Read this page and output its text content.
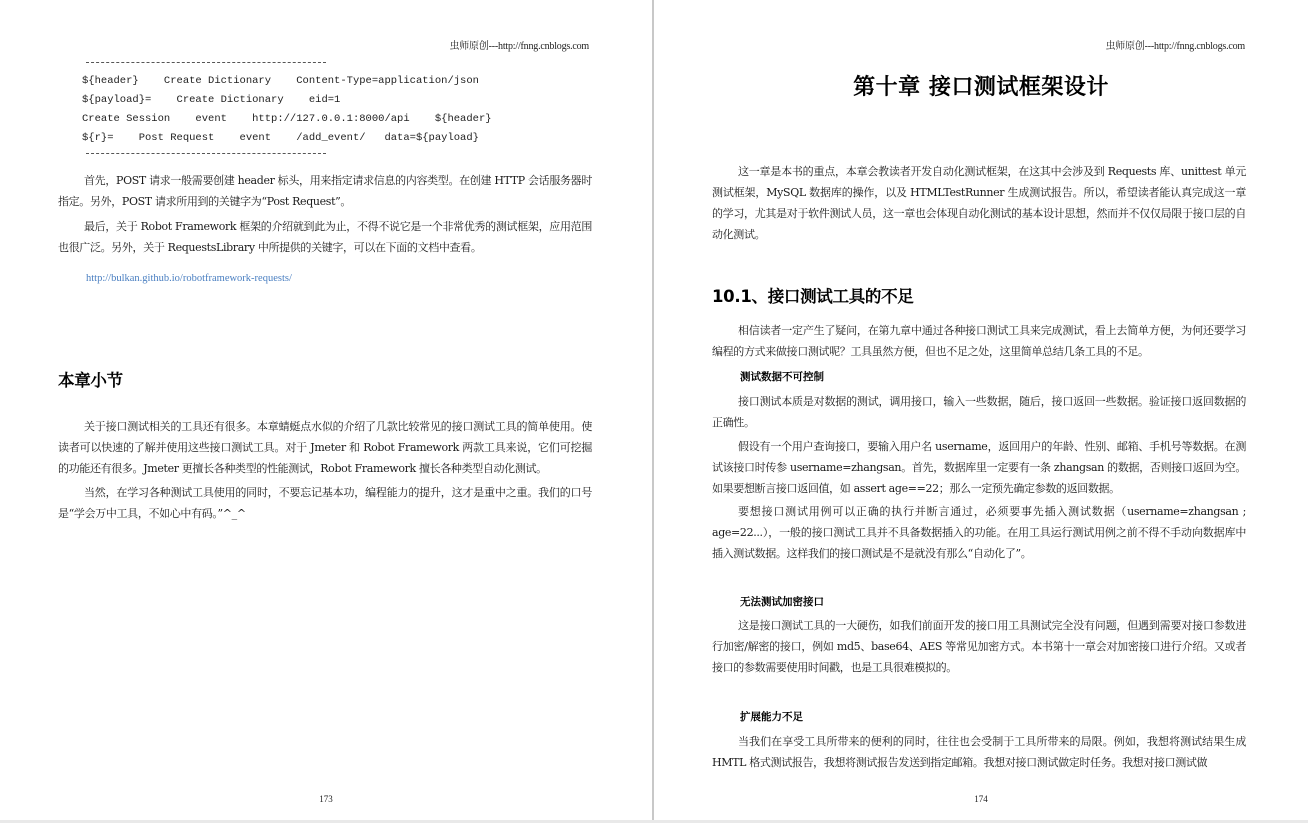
虫师原创---http://fnng.cnblogs.com
${header}    Create Dictionary    Content-Type=application/json
${payload}=    Create Dictionary    eid=1
Create Session    event    http://127.0.0.1:8000/api    ${header}
${r}=    Post Request    event    /add_event/   data=${payload}

首先，POST 请求一般需要创建 header 标头，用来指定请求信息的内容类型。在创建 HTTP 会话服务器时指定。另外，POST 请求所用到的关键字为“Post Request”。

最后，关于 Robot Framework 框架的介绍就到此为止，不得不说它是一个非常优秀的测试框架，应用范围也很广泛。另外，关于 RequestsLibrary 中所提供的关键字，可以在下面的文档中查看。

http://bulkan.github.io/robotframework-requests/
本章小节

关于接口测试相关的工具还有很多。本章蜻蜓点水似的介绍了几款比较常见的接口测试工具的简单使用。使读者可以快速的了解并使用这些接口测试工具。对于 Jmeter 和 Robot Framework 两款工具来说，它们可挖掘的功能还有很多。Jmeter 更擅长各种类型的性能测试，Robot Framework 擅长各种类型自动化测试。

当然，在学习各种测试工具使用的同时，不要忘记基本功，编程能力的提升，这才是重中之重。我们的口号是“学会万中工具，不如心中有码。”^_^

173
虫师原创---http://fnng.cnblogs.com
174
第十章 接口测试框架设计

这一章是本书的重点，本章会教读者开发自动化测试框架，在这其中会涉及到 Requests 库、unittest 单元测试框架，MySQL 数据库的操作，以及 HTMLTestRunner 生成测试报告。所以，希望读者能认真完成这一章的学习，尤其是对于软件测试人员，这一章也会体现自动化测试的基本设计思想，然而并不仅仅局限于接口层的自动化测试。

10.1、接口测试工具的不足

相信读者一定产生了疑问，在第九章中通过各种接口测试工具来完成测试，看上去简单方便，为何还要学习编程的方式来做接口测试呢？工具虽然方便，但也不足之处，这里简单总结几条工具的不足。

测试数据不可控制

接口测试本质是对数据的测试，调用接口，输入一些数据，随后，接口返回一些数据。验证接口返回数据的正确性。

假设有一个用户查询接口，要输入用户名 username，返回用户的年龄、性别、邮箱、手机号等数据。在测试该接口时传参 username=zhangsan。首先，数据库里一定要有一条 zhangsan 的数据，否则接口返回为空。如果要想断言接口返回值，如 assert age==22；那么一定预先确定参数的返回数据。

要想接口测试用例可以正确的执行并断言通过，必须要事先插入测试数据（username=zhangsan ; age=22...），一般的接口测试工具并不具备数据插入的功能。在用工具运行测试用例之前不得不手动向数据库中插入测试数据。这样我们的接口测试是不是就没有那么“自动化了”。

无法测试加密接口

这是接口测试工具的一大硬伤，如我们前面开发的接口用工具测试完全没有问题，但遇到需要对接口参数进行加密/解密的接口，例如 md5、base64、AES 等常见加密方式。本书第十一章会对加密接口进行介绍。又或者接口的参数需要使用时间戳，也是工具很难模拟的。

扩展能力不足

当我们在享受工具所带来的便利的同时，往往也会受制于工具所带来的局限。例如，我想将测试结果生成 HMTL 格式测试报告，我想将测试报告发送到指定邮箱。我想对接口测试做定时任务。我想对接口测试做
